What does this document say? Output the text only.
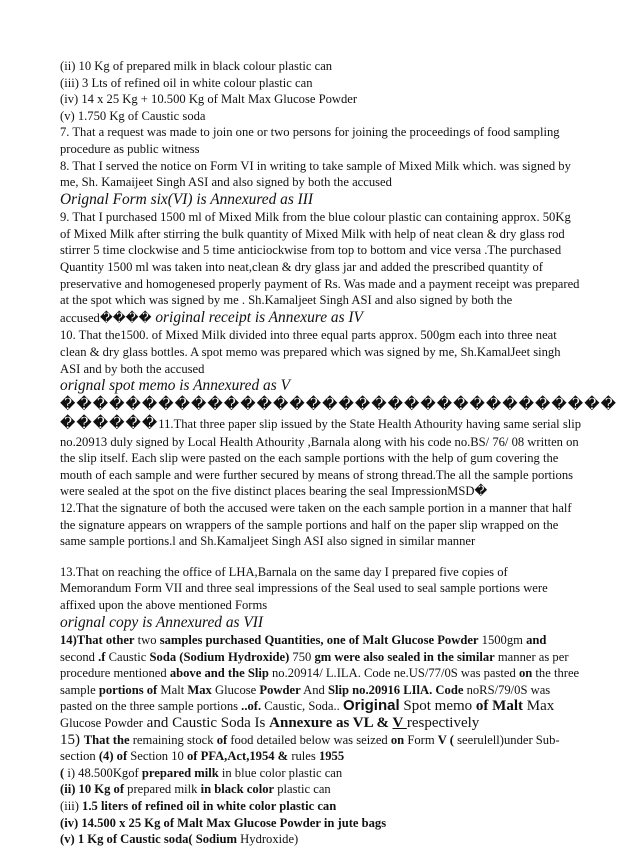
(ii) 10 Kg of prepared milk in black colour plastic can

(iii) 3 Lts of refined oil in white colour plastic can

(iv) 14 x 25 Kg + 10.500 Kg of Malt Max Glucose Powder

(v) 1.750 Kg of Caustic soda

7. That a request was made to join one or two persons for joining the proceedings of food sampling procedure as public witness

8. That I served the notice on Form VI in writing to take sample of Mixed Milk which. was signed by me, Sh. Kamaijeet Singh ASI and also signed by both the accused

Orignal Form six(VI) is Annexured as III

9. That I purchased 1500 ml of Mixed Milk from the blue colour plastic can containing approx. 50Kg of Mixed Milk after stirring the bulk quantity of Mixed Milk with help of neat clean & dry glass rod stirrer 5 time clockwise and 5 time anticiockwise from top to bottom and vice versa .The purchased Quantity 1500 ml was taken into neat,clean & dry glass jar and added the prescribed quantity of preservative and homogenesed properly payment of Rs. Was made and a payment receipt was prepared at the spot which was signed by me . Sh.Kamaljeet Singh ASI and also signed by both the accused���� original receipt is Annexure as IV

10. That the1500. of Mixed Milk divided into three equal parts approx. 500gm each into three neat clean & dry glass bottles. A spot memo was prepared which was signed by me, Sh.KamalJeet singh ASI and by both the accused

orignal spot memo is Annexured as V

����������������������������������

������11.That three paper slip issued by the State Health Athourity having same serial slip no.20913 duly signed by Local Health Athourity ,Barnala along with his code no.BS/ 76/ 08 written on the slip itself. Each slip were pasted on the each sample portions with the help of gum covering the mouth of each sample and were further secured by means of strong thread.The all the sample portions were sealed at the spot on the five distinct places bearing the seal ImpressionMSD�

12.That the signature of both the accused were taken on the each sample portion in a manner that half the signature appears on wrappers of the sample portions and half on the paper slip wrapped on the same sample portions.l and Sh.Kamaljeet Singh ASI also signed in similar manner

13.That on reaching the office of LHA,Barnala on the same day I prepared five copies of Memorandum Form VII and three seal impressions of the Seal used to seal sample portions were affixed upon the above mentioned Forms

orignal copy is Annexured as VII

14)That other two samples purchased Quantities, one of Malt Glucose Powder 1500gm and second .f Caustic Soda (Sodium Hydroxide) 750 gm were also sealed in the similar manner as per procedure mentioned above and the Slip no.20914/ L.ILA. Code ne.US/77/0S was pasted on the three sample portions of Malt Max Glucose Powder And Slip no.20916 LIlA. Code noRS/79/0S was pasted on the three sample portions ..of. Caustic, Soda.. Original Spot memo of Malt Max
Glucose Powder and Caustic Soda Is Annexure as VL & V respectively

15) That the remaining stock of food detailed below was seized on Form V ( seerulell)under Sub-section (4) of Section 10 of PFA,Act,1954 & rules 1955

( i) 48.500Kgof prepared milk in blue color plastic can

(ii) 10 Kg of prepared milk in black color plastic can

(iii) 1.5 liters of refined oil in white color plastic can

(iv) 14.500 x 25 Kg of Malt Max Glucose Powder in jute bags

(v) 1 Kg of Caustic soda( Sodium Hydroxide)
